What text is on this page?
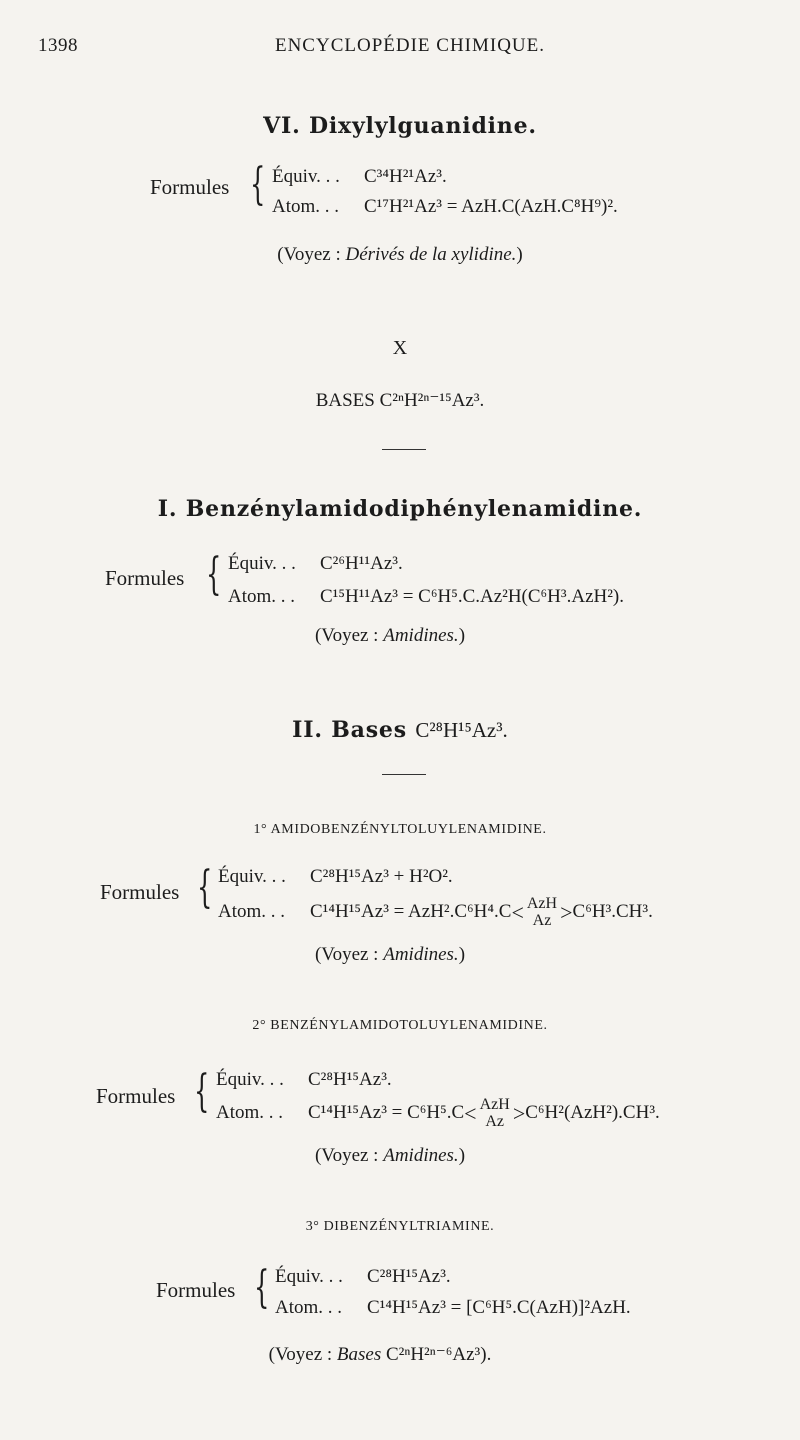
1398	ENCYCLOPÉDIE CHIMIQUE.
VI. Dixylylguanidine.
Formules { Équiv. . . C³⁴H²¹Az³.
Atom. . . C¹⁷H²¹Az³ = AzH.C(AzH.C⁸H⁹)².
(Voyez : Dérivés de la xylidine.)
X
BASES C²ⁿH²ⁿ⁻¹⁵Az³.
I. Benzénylamidodiphénylenamidine.
Formules { Équiv. . . C²⁶H¹¹Az³.
Atom. . . C¹⁵H¹¹Az³ = C⁶H⁵.C.Az²H(C⁶H³.AzH²).
(Voyez : Amidines.)
II. Bases C²⁸H¹⁵Az³.
1° AMIDOBENZÉNYLTOLUYLENAMIDINE.
Formules { Équiv. . . C²⁸H¹⁵Az³ + H²O².
Atom. . . C¹⁴H¹⁵Az³ = AzH².C⁶H⁴.C< AzH
Az >C⁶H³.CH³.
(Voyez : Amidines.)
2° BENZÉNYLAMIDOTOLUYLENAMIDINE.
Formules { Équiv. . . C²⁸H¹⁵Az³.
Atom. . . C¹⁴H¹⁵Az³ = C⁶H⁵.C< AzH
Az >C⁶H²(AzH²).CH³.
(Voyez : Amidines.)
3° DIBENZÉNYLTRIAMINE.
Formules { Équiv. . . C²⁸H¹⁵Az³.
Atom. . . C¹⁴H¹⁵Az³ = [C⁶H⁵.C(AzH)]²AzH.
(Voyez : Bases C²ⁿH²ⁿ⁻⁶Az³).
